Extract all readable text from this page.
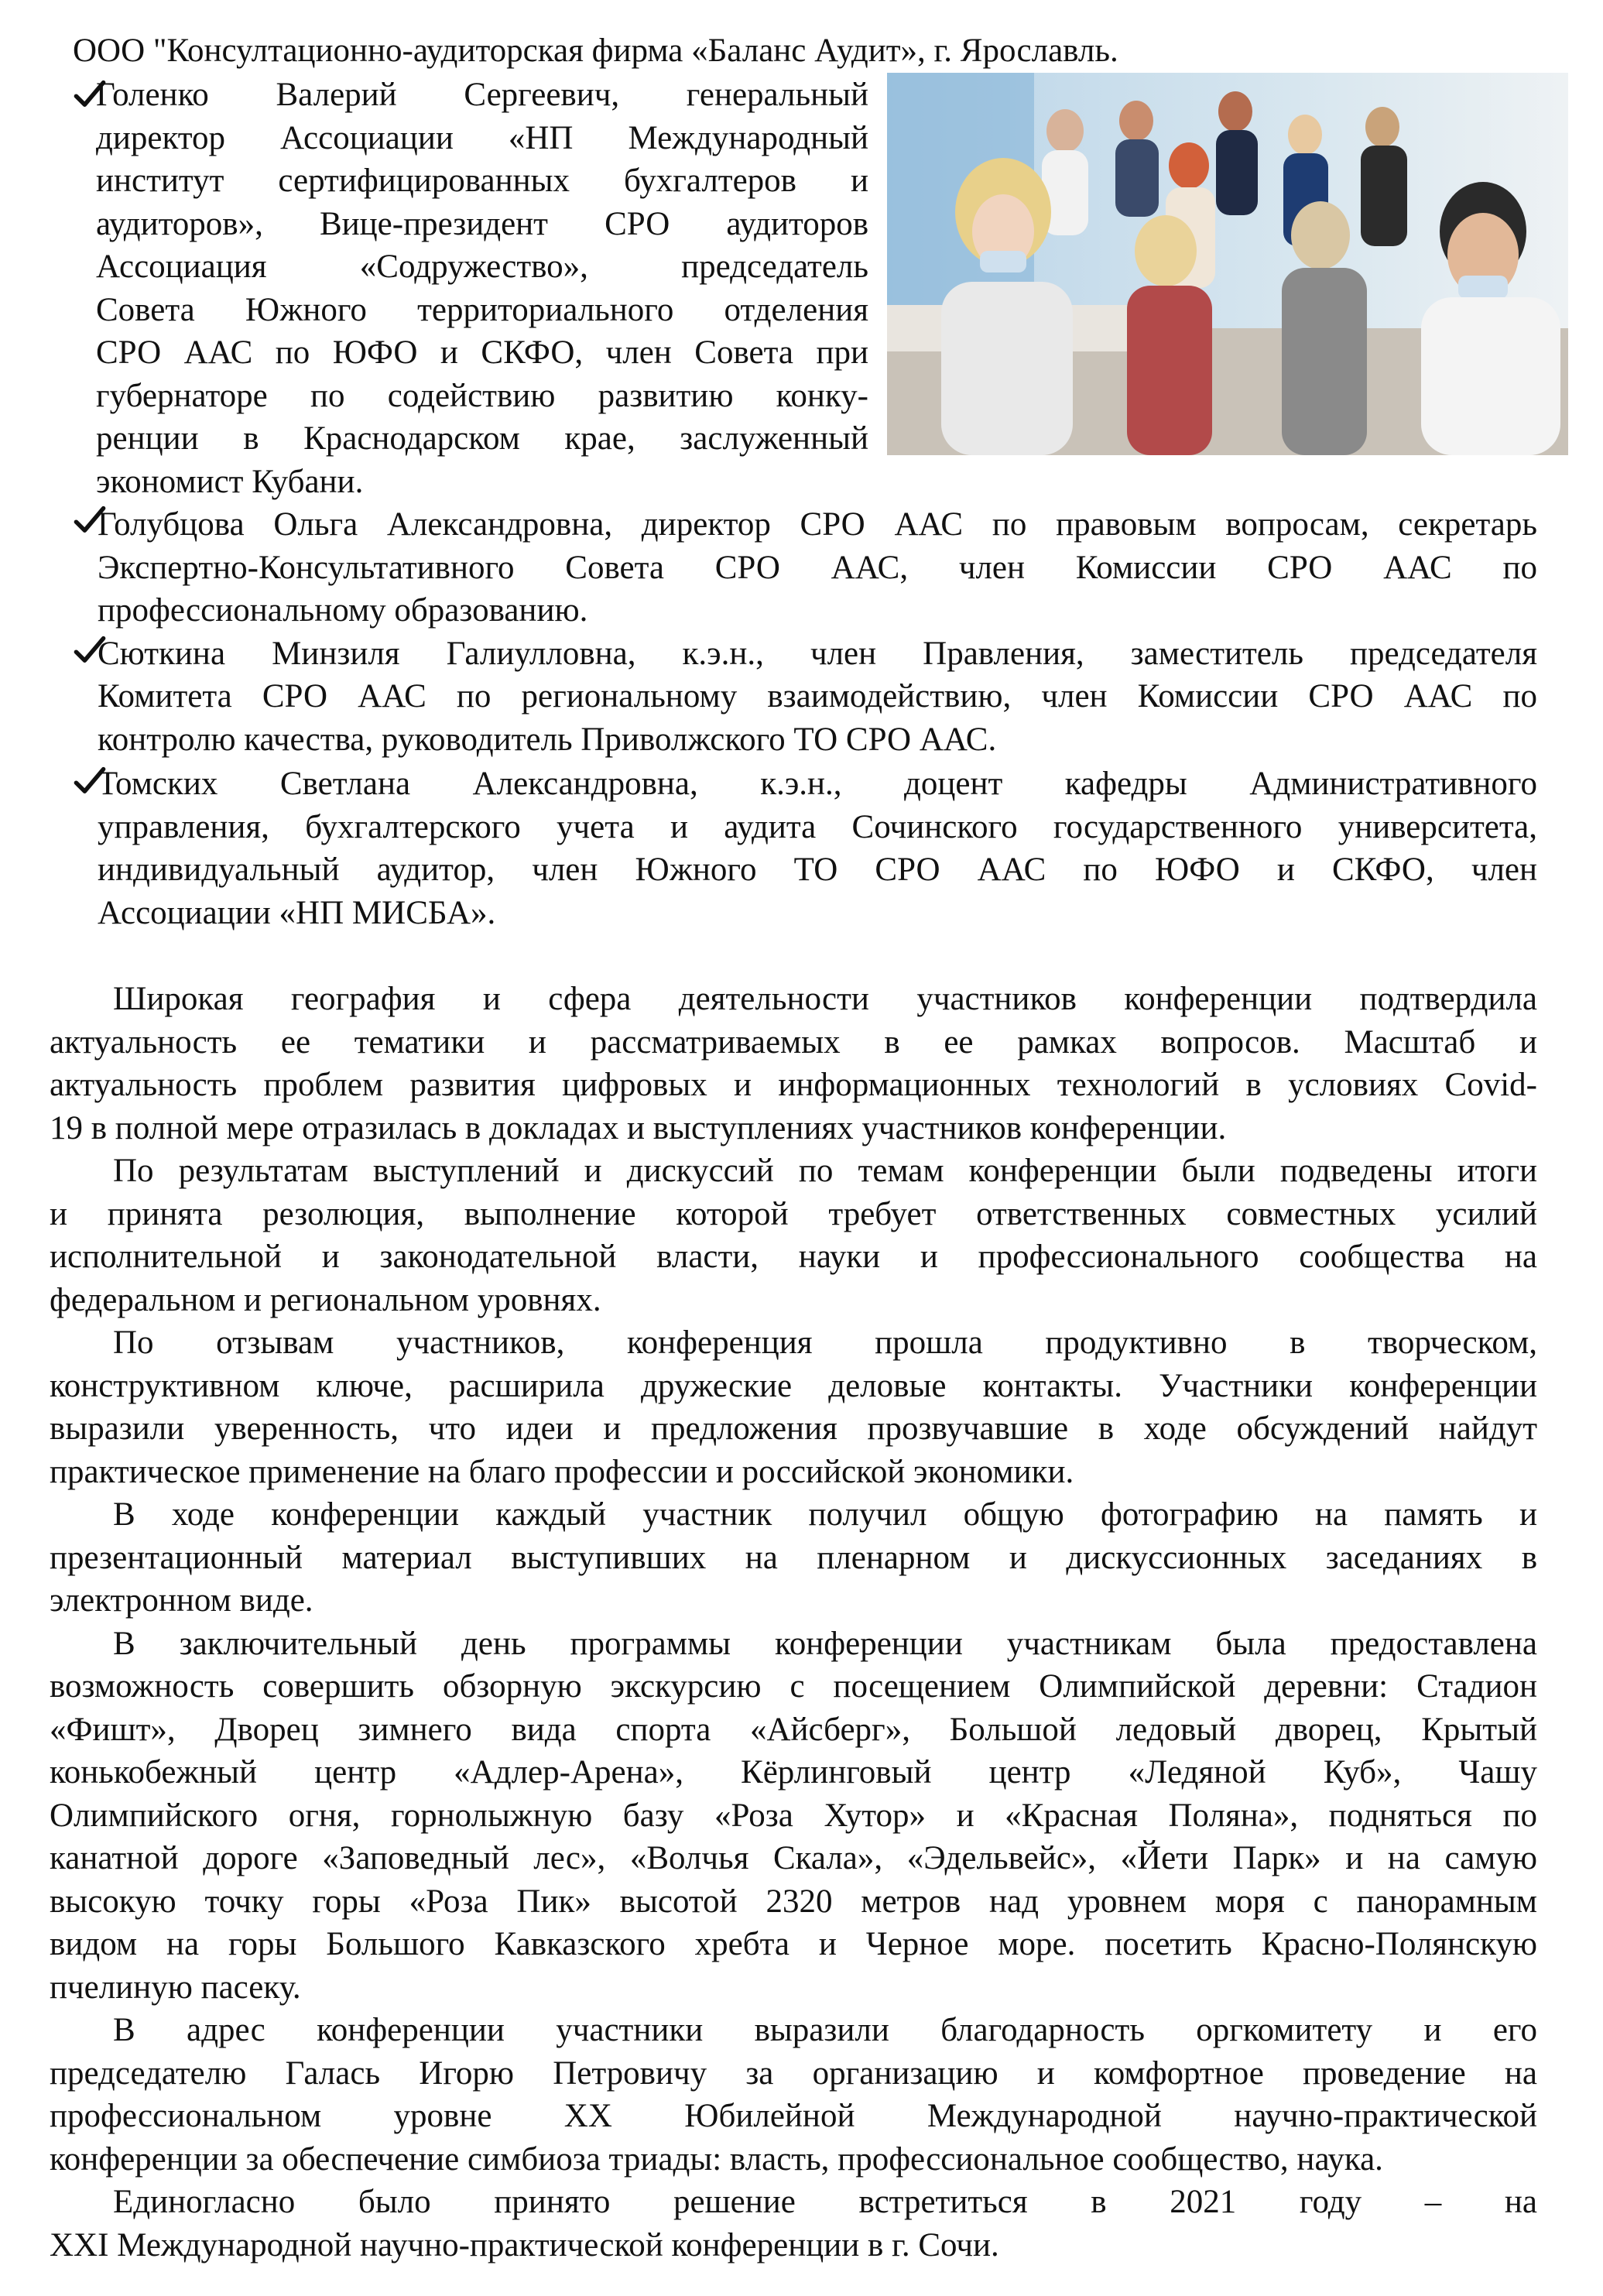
ООО "Консултационно-аудиторская фирма «Баланс Аудит», г. Ярославль.
Голенко Валерий Сергеевич, генеральный
директор Ассоциации «НП Международный
институт сертифицированных бухгалтеров и
аудиторов», Вице-президент СРО аудиторов
Ассоциация «Содружество», председатель
Совета Южного территориального отделения
СРО ААС по ЮФО и СКФО, член Совета при
губернаторе по содействию развитию конку-
ренции в Краснодарском крае, заслуженный
экономист Кубани.
Голубцова Ольга Александровна, директор СРО ААС по правовым вопросам, секретарь
Экспертно-Консультативного Совета СРО ААС, член Комиссии СРО ААС по
профессиональному образованию.
Сюткина Минзиля Галиулловна, к.э.н., член Правления, заместитель председателя
Комитета СРО ААС по региональному взаимодействию, член Комиссии СРО ААС по
контролю качества, руководитель Приволжского ТО СРО ААС.
Томских Светлана Александровна, к.э.н., доцент кафедры Административного
управления, бухгалтерского учета и аудита Сочинского государственного университета,
индивидуальный аудитор, член Южного ТО СРО ААС по ЮФО и СКФО, член
Ассоциации «НП МИСБА».
Широкая география и сфера деятельности участников конференции подтвердила
актуальность ее тематики и рассматриваемых в ее рамках вопросов. Масштаб и
актуальность проблем развития цифровых и информационных технологий в условиях Covid-
19 в полной мере отразилась в докладах и выступлениях участников конференции.
По результатам выступлений и дискуссий по темам конференции были подведены итоги
и принята резолюция, выполнение которой требует ответственных совместных усилий
исполнительной и законодательной власти, науки и профессионального сообщества на
федеральном и региональном уровнях.
По отзывам участников, конференция прошла продуктивно в творческом,
конструктивном ключе, расширила дружеские деловые контакты. Участники конференции
выразили уверенность, что идеи и предложения прозвучавшие в ходе обсуждений найдут
практическое применение на благо профессии и российской экономики.
В ходе конференции каждый участник получил общую фотографию на память и
презентационный материал выступивших на пленарном и дискуссионных заседаниях в
электронном виде.
В заключительный день программы конференции участникам была предоставлена
возможность совершить обзорную экскурсию с посещением Олимпийской деревни: Стадион
«Фишт», Дворец зимнего вида спорта «Айсберг», Большой ледовый дворец, Крытый
конькобежный центр «Адлер-Арена», Кёрлинговый центр «Ледяной Куб», Чашу
Олимпийского огня, горнолыжную базу «Роза Хутор» и «Красная Поляна», подняться по
канатной дороге «Заповедный лес», «Волчья Скала», «Эдельвейс», «Йети Парк» и на самую
высокую точку горы «Роза Пик» высотой 2320 метров над уровнем моря с панорамным
видом на горы Большого Кавказского хребта и Черное море. посетить Красно-Полянскую
пчелиную пасеку.
В адрес конференции участники выразили благодарность оргкомитету и его
председателю Галась Игорю Петровичу за организацию и комфортное проведение на
профессиональном уровне XX Юбилейной Международной научно-практической
конференции за обеспечение симбиоза триады: власть, профессиональное сообщество, наука.
Единогласно было принято решение встретиться в 2021 году – на
XXI Международной научно-практической конференции в г. Сочи.
